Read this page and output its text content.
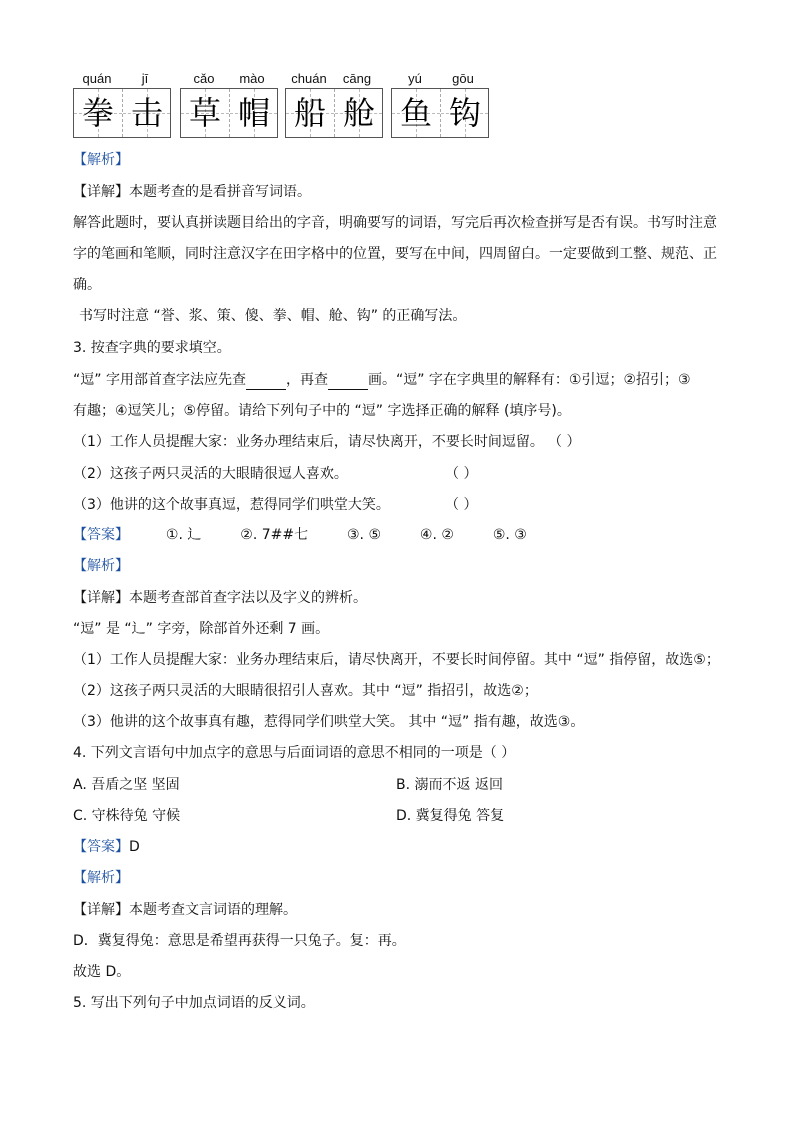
quán	jī	cǎo	mào	chuán	cāng	yú	gōu
拳 击 草 帽 船 舱 鱼 钩
【解析】
【详解】本题考查的是看拼音写词语。
解答此题时，要认真拼读题目给出的字音，明确要写的词语，写完后再次检查拼写是否有误。书写时注意
字的笔画和笔顺，同时注意汉字在田字格中的位置，要写在中间，四周留白。一定要做到工整、规范、正
确。
书写时注意 “誉、浆、策、傻、拳、帽、舱、钩” 的正确写法。
3. 按查字典的要求填空。
“逗” 字用部首查字法应先查	，再查	画。“逗” 字在字典里的解释有：①引逗；②招引；③
有趣；④逗笑儿；⑤停留。请给下列句子中的 “逗” 字选择正确的解释 (填序号)。
（1）工作人员提醒大家：业务办理结束后，请尽快离开，不要长时间逗留。 （ ）
（2）这孩子两只灵活的大眼睛很逗人喜欢。	（ ）
（3）他讲的这个故事真逗，惹得同学们哄堂大笑。	（ ）
【答案】	①. 辶	②. 7##七	③. ⑤	④. ②	⑤. ③
【解析】
【详解】本题考查部首查字法以及字义的辨析。
“逗” 是 “辶” 字旁，除部首外还剩 7 画。
（1）工作人员提醒大家：业务办理结束后，请尽快离开，不要长时间停留。其中 “逗” 指停留，故选⑤；
（2）这孩子两只灵活的大眼睛很招引人喜欢。其中 “逗” 指招引，故选②；
（3）他讲的这个故事真有趣，惹得同学们哄堂大笑。 其中 “逗” 指有趣，故选③。
4. 下列文言语句中加点字的意思与后面词语的意思不相同的一项是（ ）
A. 吾盾之坚 坚固	B. 溺而不返 返回
C. 守株待兔 守候	D. 冀复得兔 答复
【答案】D
【解析】
【详解】本题考查文言词语的理解。
D．冀复得兔：意思是希望再获得一只兔子。复：再。
故选 D。
5. 写出下列句子中加点词语的反义词。
